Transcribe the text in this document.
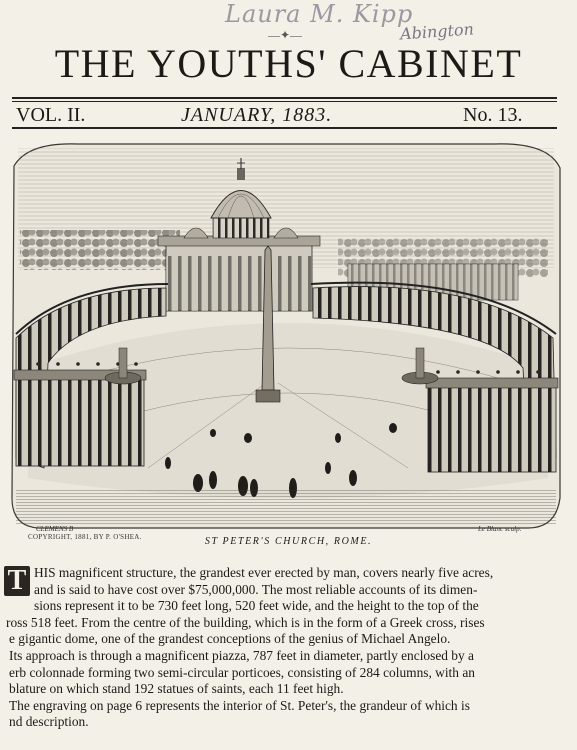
Laura M. Kipp
Abington
—✦—
THE YOUTHS' CABINET
VOL. II.	JANUARY, 1883.	No. 13.
CLEMENS B	Le Blanc sculp.
COPYRIGHT, 1881, BY P. O'SHEA.	ST PETER'S CHURCH, ROME.
T HIS magnificent structure, the grandest ever erected by man, covers nearly five acres,
and is said to have cost over $75,000,000. The most reliable accounts of its dimen-
sions represent it to be 730 feet long, 520 feet wide, and the height to the top of the
ross 518 feet. From the centre of the building, which is in the form of a Greek cross, rises
e gigantic dome, one of the grandest conceptions of the genius of Michael Angelo.
Its approach is through a magnificent piazza, 787 feet in diameter, partly enclosed by a
erb colonnade forming two semi-circular porticoes, consisting of 284 columns, with an
blature on which stand 192 statues of saints, each 11 feet high.
The engraving on page 6 represents the interior of St. Peter's, the grandeur of which is
nd description.
